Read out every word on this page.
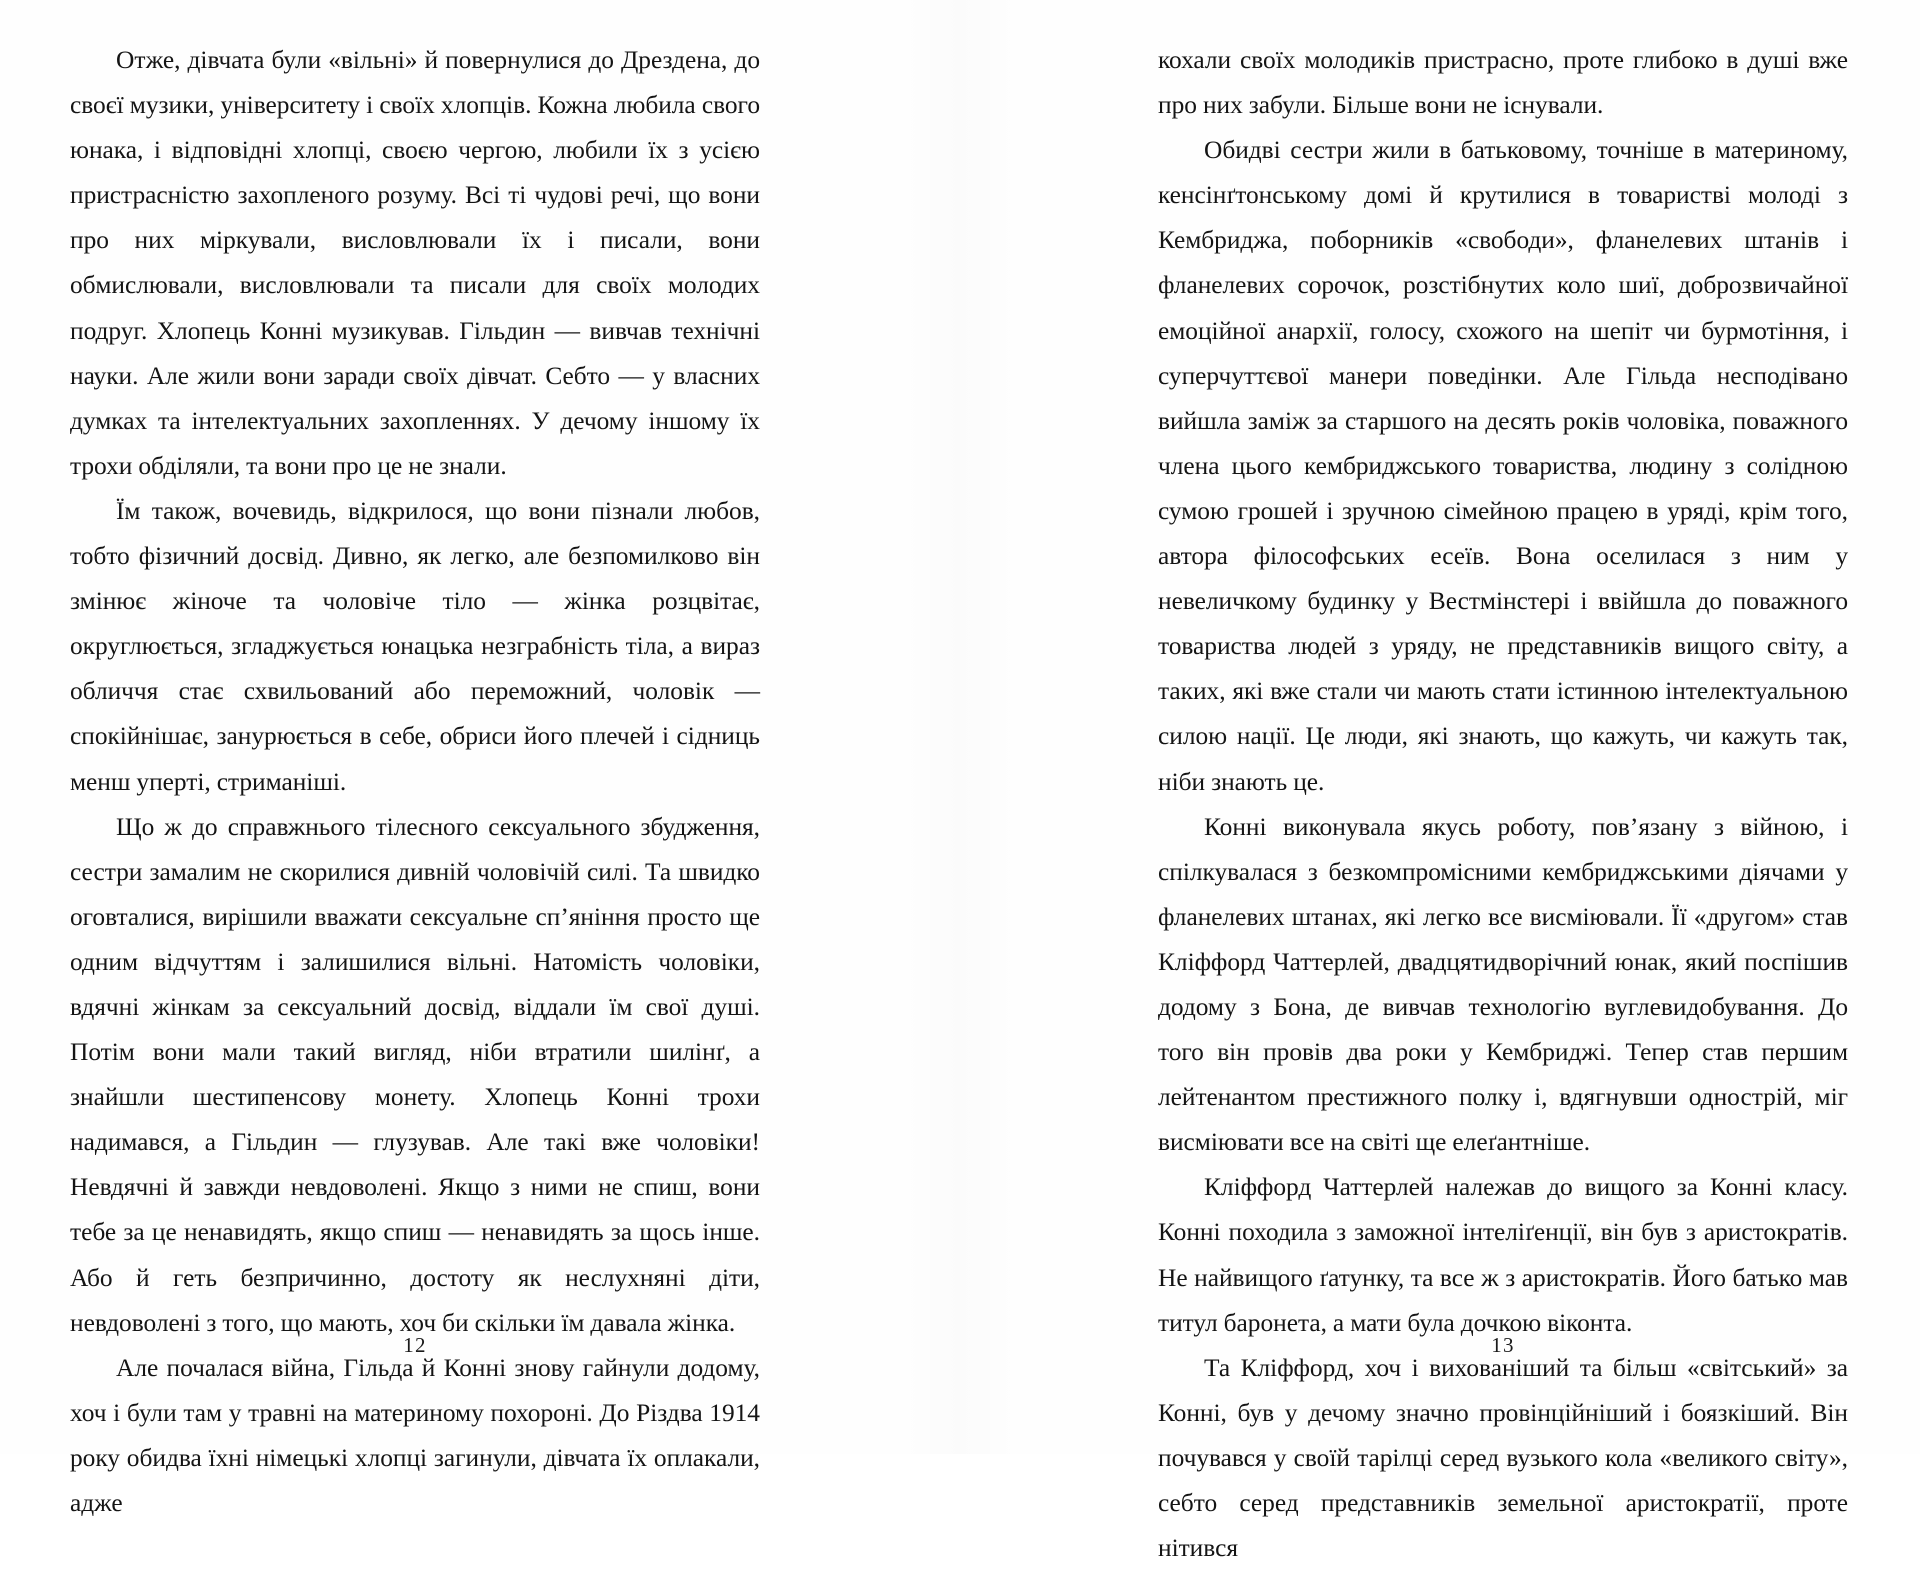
Отже, дівчата були «вільні» й повернулися до Дрездена, до своєї музики, університету і своїх хлопців. Кожна любила свого юнака, і відповідні хлопці, своєю чергою, любили їх з усією пристрасністю захопленого розуму. Всі ті чудові речі, що вони про них міркували, висловлювали їх і писали, вони обмислювали, висловлювали та писали для своїх молодих подруг. Хлопець Конні музикував. Гільдин — вивчав технічні науки. Але жили вони заради своїх дівчат. Себто — у власних думках та інтелектуальних захопленнях. У дечому іншому їх трохи обділяли, та вони про це не знали.

Їм також, вочевидь, відкрилося, що вони пізнали любов, тобто фізичний досвід. Дивно, як легко, але безпомилково він змінює жіноче та чоловіче тіло — жінка розцвітає, округлюється, згладжується юнацька незграбність тіла, а вираз обличчя стає схвильований або переможний, чоловік — спокійнішає, занурюється в себе, обриси його плечей і сідниць менш уперті, стриманіші.

Що ж до справжнього тілесного сексуального збудження, сестри замалим не скорилися дивній чоловічій силі. Та швидко оговталися, вирішили вважати сексуальне сп’яніння просто ще одним відчуттям і залишилися вільні. Натомість чоловіки, вдячні жінкам за сексуальний досвід, віддали їм свої душі. Потім вони мали такий вигляд, ніби втратили шилінґ, а знайшли шестипенсову монету. Хлопець Конні трохи надимався, а Гільдин — глузував. Але такі вже чоловіки! Невдячні й завжди невдоволені. Якщо з ними не спиш, вони тебе за це ненавидять, якщо спиш — ненавидять за щось інше. Або й геть безпричинно, достоту як неслухняні діти, невдоволені з того, що мають, хоч би скільки їм давала жінка.

Але почалася війна, Гільда й Конні знову гайнули додому, хоч і були там у травні на материному похороні. До Різдва 1914 року обидва їхні німецькі хлопці загинули, дівчата їх оплакали, адже

12

кохали своїх молодиків пристрасно, проте глибоко в душі вже про них забули. Більше вони не існували.

Обидві сестри жили в батьковому, точніше в материному, кенсінґтонському домі й крутилися в товаристві молоді з Кембриджа, поборників «свободи», фланелевих штанів і фланелевих сорочок, розстібнутих коло шиї, доброзвичайної емоційної анархії, голосу, схожого на шепіт чи бурмотіння, і суперчуттєвої манери поведінки. Але Гільда несподівано вийшла заміж за старшого на десять років чоловіка, поважного члена цього кембриджського товариства, людину з солідною сумою грошей і зручною сімейною працею в уряді, крім того, автора філософських есеїв. Вона оселилася з ним у невеличкому будинку у Вестмінстері і ввійшла до поважного товариства людей з уряду, не представників вищого світу, а таких, які вже стали чи мають стати істинною інтелектуальною силою нації. Це люди, які знають, що кажуть, чи кажуть так, ніби знають це.

Конні виконувала якусь роботу, пов’язану з війною, і спілкувалася з безкомпромісними кембриджськими діячами у фланелевих штанах, які легко все висміювали. Її «другом» став Кліффорд Чаттерлей, двадцятидворічний юнак, який поспішив додому з Бона, де вивчав технологію вуглевидобування. До того він провів два роки у Кембриджі. Тепер став першим лейтенантом престижного полку і, вдягнувши однострій, міг висміювати все на світі ще елеґантніше.

Кліффорд Чаттерлей належав до вищого за Конні класу. Конні походила з заможної інтеліґенції, він був з аристократів. Не найвищого ґатунку, та все ж з аристократів. Його батько мав титул баронета, а мати була дочкою віконта.

Та Кліффорд, хоч і вихованіший та більш «світський» за Конні, був у дечому значно провінційніший і боязкіший. Він почувався у своїй тарілці серед вузького кола «великого світу», себто серед представників земельної аристократії, проте нітився

13
